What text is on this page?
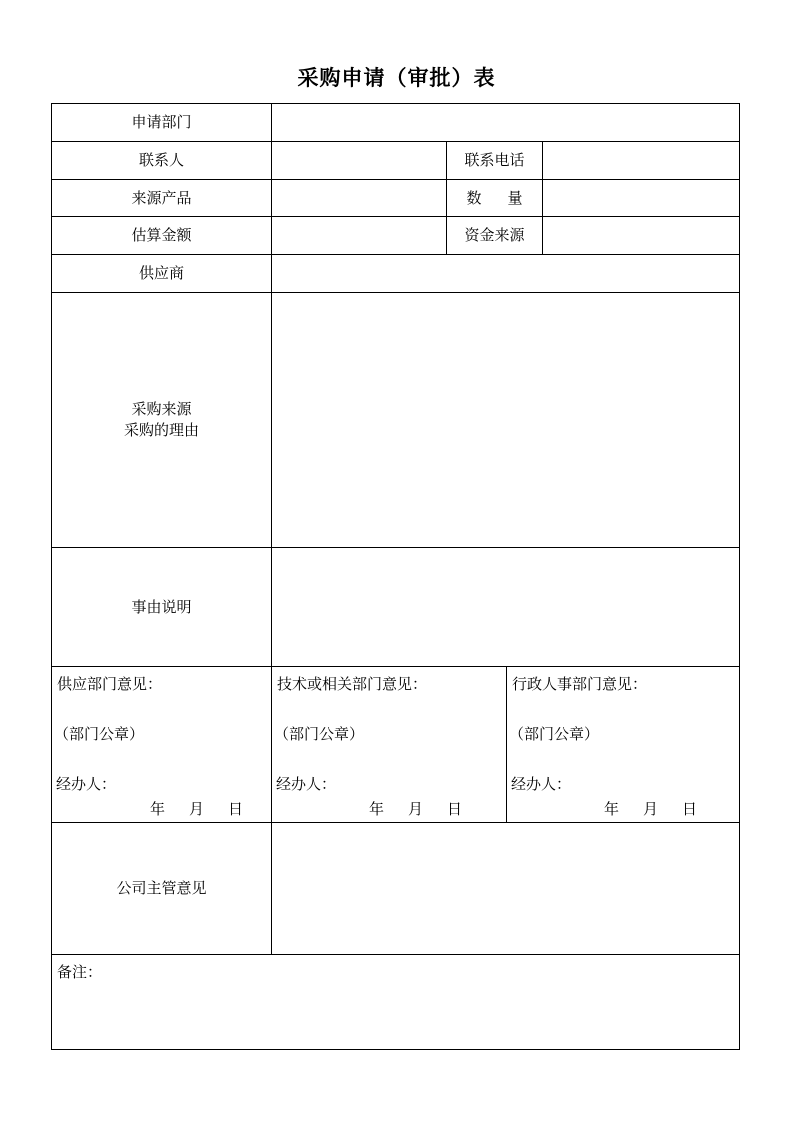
采购申请（审批）表
申请部门
联系人	联系电话
来源产品	数 量
估算金额	资金来源
供应商
采购来源
采购的理由
事由说明
供应部门意见：
（部门公章）
经办人：
年 月 日
技术或相关部门意见：
（部门公章）
经办人：
年 月 日
行政人事部门意见：
（部门公章）
经办人：
年 月 日
公司主管意见
备注：
